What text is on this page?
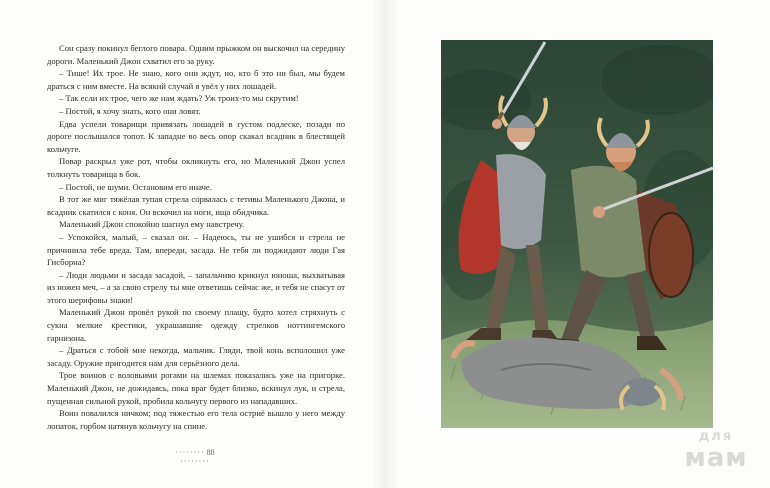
Сон сразу покинул беглого повара. Одним прыжком он выскочил на середину дороги. Маленький Джон схватил его за руку.

– Тише! Их трое. Не знаю, кого они ждут, но, кто б это ни был, мы будем драться с ним вместе. На всякий случай я увёл у них лошадей.

– Так если их трое, чего же нам ждать? Уж троих-то мы скрутим!

– Постой, я хочу знать, кого они ловят.

Едва успели товарищи привязать лошадей в густом подлеске, позади по дороге послышался топот. К западне во весь опор скакал всадник в блестящей кольчуге.

Повар раскрыл уже рот, чтобы окликнуть его, но Маленький Джон успел толкнуть товарища в бок.

– Постой, не шуми. Остановим его иначе.

В тот же миг тяжёлая тупая стрела сорвалась с тетивы Маленького Джона, и всадник скатился с коня. Он вскочил на ноги, ища обидчика.

Маленький Джон спокойно шагнул ему навстречу.

– Успокойся, малый, – сказал он. – Надеюсь, ты не ушибся и стрела не причинила тебе вреда. Там, впереди, засада. Не тебя ли поджидают люди Гая Гисборна?

– Люди людьми и засада засадой, – запальчиво крикнул юноша, выхватывая из ножен меч, – а за свою стрелу ты мне ответишь сейчас же, и тебя не спасут от этого шерифовы знаки!

Маленький Джон провёл рукой по своему плащу, будто хотел стряхнуть с сукна мелкие крестики, украшавшие одежду стрелков ноттингемского гарнизона.

– Драться с тобой мне некогда, мальчик. Гляди, твой конь всполошил уже засаду. Оружие пригодится нам для серьёзного дела.

Трое воинов с воловьими рогами на шлемах показались уже на пригорке. Маленький Джон, не дожидаясь, пока враг будет близко, вскинул лук, и стрела, пущенная сильной рукой, пробила кольчугу первого из нападавших.

Воин повалился ничком; под тяжестью его тела остриё вышло у него между лопаток, горбом натянув кольчугу на спине.

········ 88 ········
для
мам
